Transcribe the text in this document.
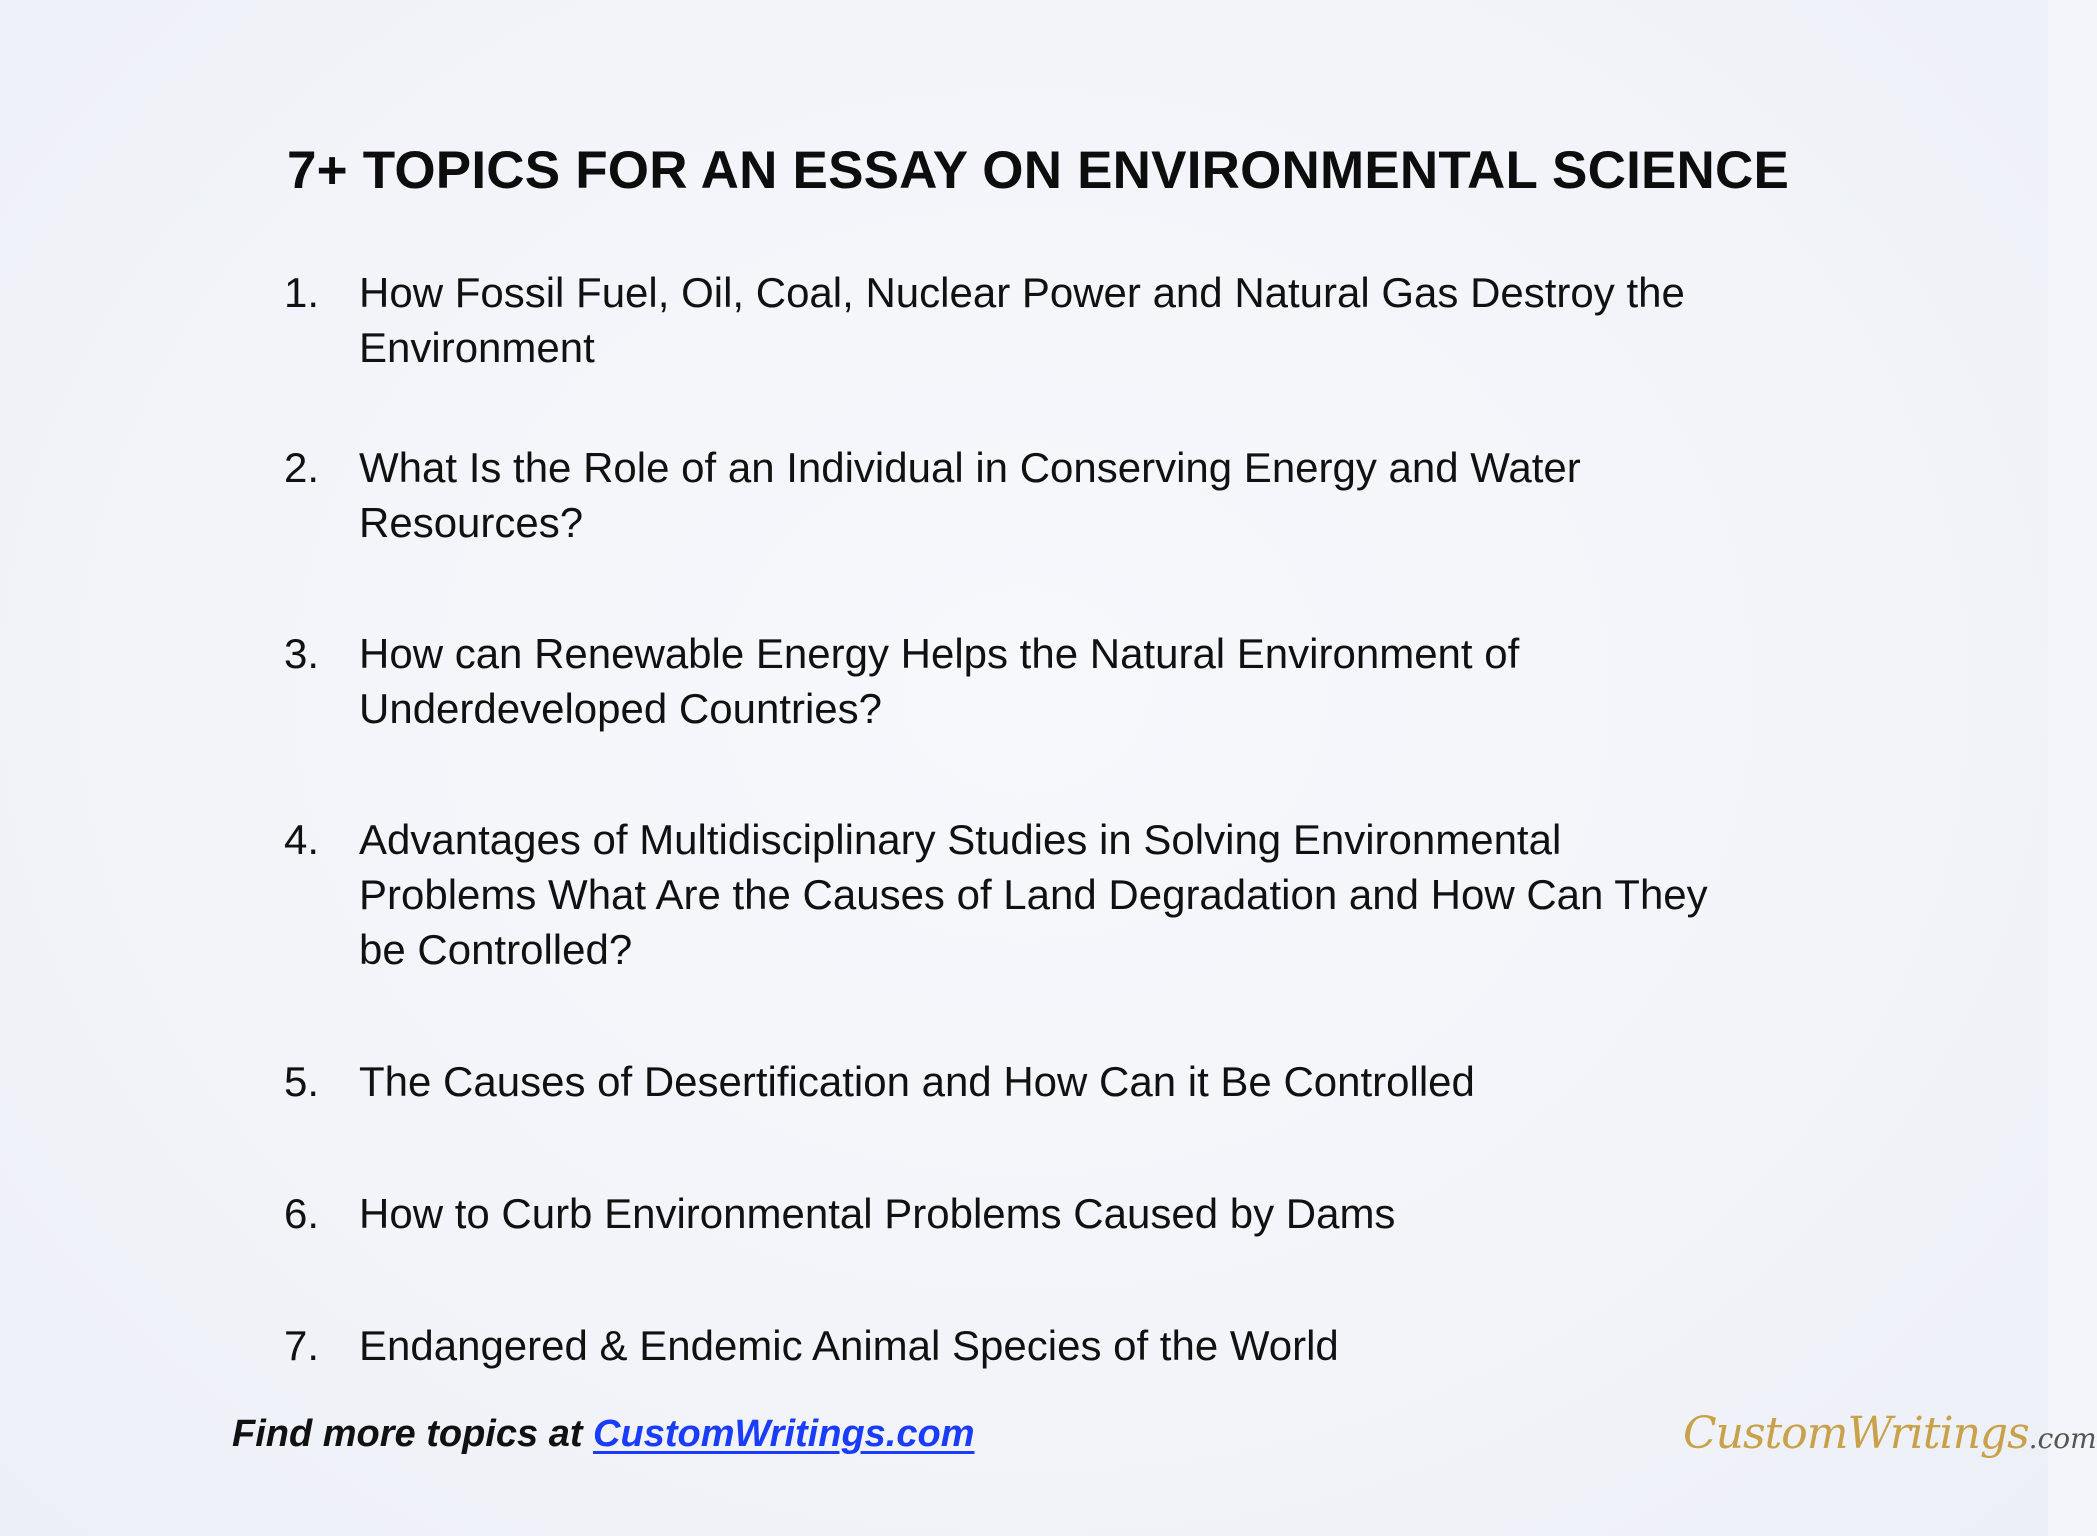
7+ TOPICS FOR AN ESSAY ON ENVIRONMENTAL SCIENCE
1. How Fossil Fuel, Oil, Coal, Nuclear Power and Natural Gas Destroy the Environment
2. What Is the Role of an Individual in Conserving Energy and Water Resources?
3. How can Renewable Energy Helps the Natural Environment of Underdeveloped Countries?
4. Advantages of Multidisciplinary Studies in Solving Environmental Problems What Are the Causes of Land Degradation and How Can They be Controlled?
5. The Causes of Desertification and How Can it Be Controlled
6. How to Curb Environmental Problems Caused by Dams
7. Endangered & Endemic Animal Species of the World
Find more topics at CustomWritings.com	CustomWritings.com
